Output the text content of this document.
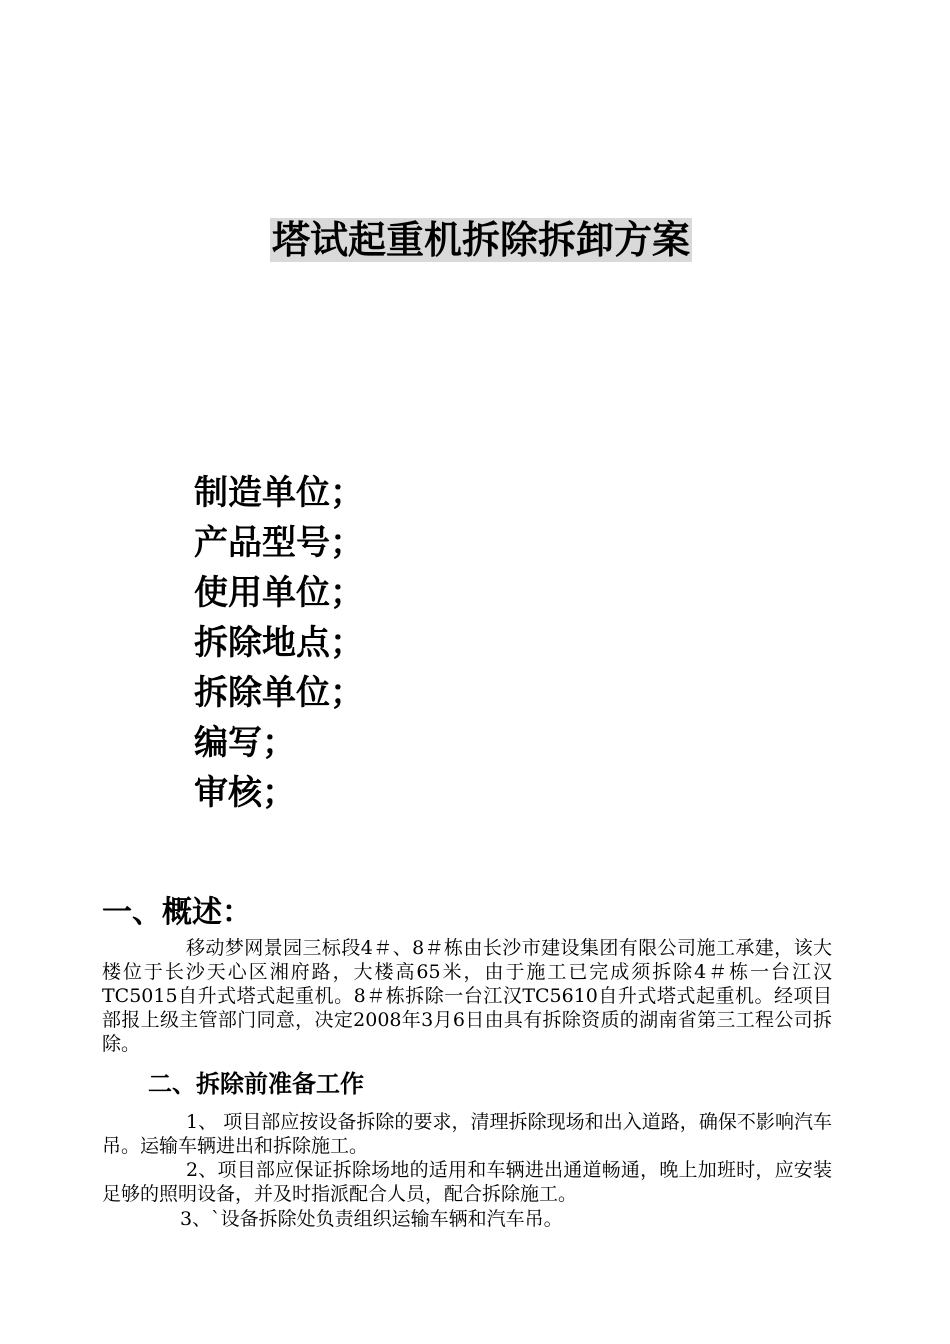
塔试起重机拆除拆卸方案
制造单位；
产品型号；
使用单位；
拆除地点；
拆除单位；
编写；
审核；
一、概述：

移动梦网景园三标段4＃、8＃栋由长沙市建设集团有限公司施工承建，该大楼位于长沙天心区湘府路，大楼高65米，由于施工已完成须拆除4＃栋一台江汉TC5015自升式塔式起重机。8＃栋拆除一台江汉TC5610自升式塔式起重机。经项目部报上级主管部门同意，决定2008年3月6日由具有拆除资质的湖南省第三工程公司拆除。

二、拆除前准备工作

1、 项目部应按设备拆除的要求，清理拆除现场和出入道路，确保不影响汽车吊。运输车辆进出和拆除施工。

2、项目部应保证拆除场地的适用和车辆进出通道畅通，晚上加班时，应安装足够的照明设备，并及时指派配合人员，配合拆除施工。

3、`设备拆除处负责组织运输车辆和汽车吊。
